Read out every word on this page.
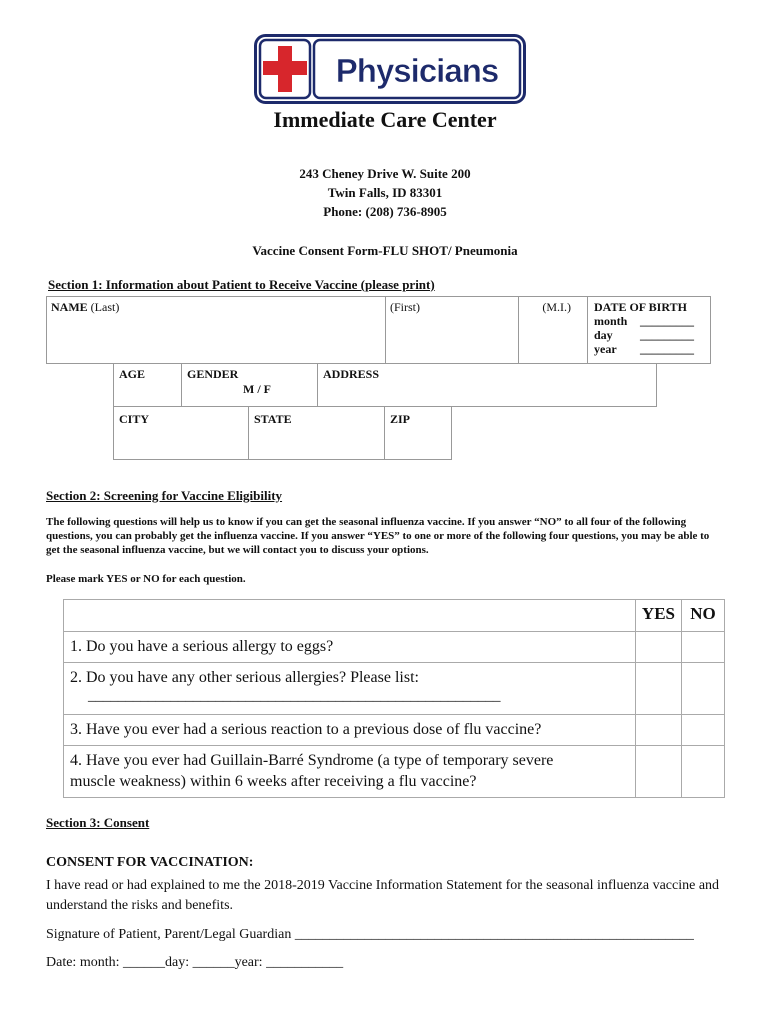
Physicians
Immediate Care Center
243 Cheney Drive W. Suite 200
Twin Falls, ID 83301
Phone: (208) 736-8905
Vaccine Consent Form-FLU SHOT/ Pneumonia
Section 1: Information about Patient to Receive Vaccine (please print)
NAME (Last)	(First)	(M.I.)	DATE OF BIRTH
month _________
day _________
year _________
AGE	GENDER
M / F
ADDRESS
CITY	STATE	ZIP
Section 2: Screening for Vaccine Eligibility
The following questions will help us to know if you can get the seasonal influenza vaccine. If you answer “NO” to all four of the following questions, you can probably get the influenza vaccine. If you answer “YES” to one or more of the following four questions, you may be able to get the seasonal influenza vaccine, but we will contact you to discuss your options.
Please mark YES or NO for each question.
	YES	NO
1. Do you have a serious allergy to eggs?		

2. Do you have any other serious allergies? Please list:
_______________________________________________________		

3. Have you ever had a serious reaction to a previous dose of flu vaccine?		
4. Have you ever had Guillain-Barré Syndrome (a type of temporary severe muscle weakness) within 6 weeks after receiving a flu vaccine?		
Section 3: Consent
CONSENT FOR VACCINATION:
I have read or had explained to me the 2018-2019 Vaccine Information Statement for the seasonal influenza vaccine and understand the risks and benefits.
Signature of Patient, Parent/Legal Guardian _________________________________________________________
Date: month: ______day: ______year: ___________
